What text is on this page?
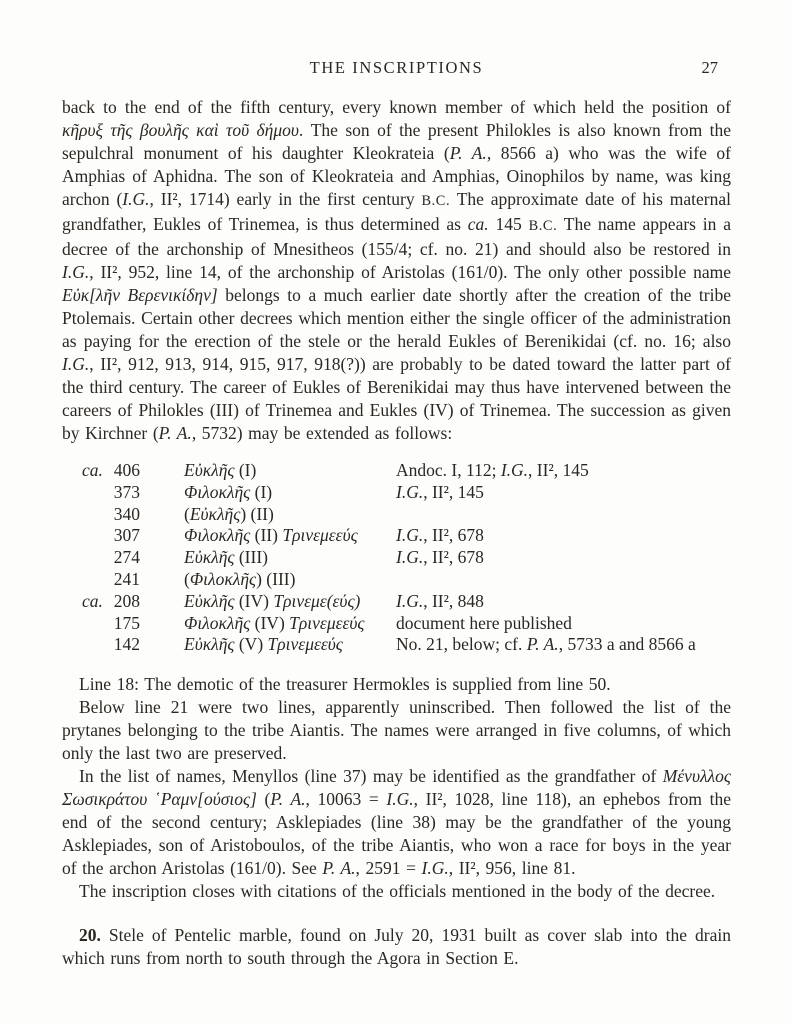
THE INSCRIPTIONS	27

back to the end of the fifth century, every known member of which held the position of κῆρυξ τῆς βουλῆς καὶ τοῦ δήμου. The son of the present Philokles is also known from the sepulchral monument of his daughter Kleokrateia (P. A., 8566 a) who was the wife of Amphias of Aphidna. The son of Kleokrateia and Amphias, Oinophilos by name, was king archon (I.G., II², 1714) early in the first century B.C. The approximate date of his maternal grandfather, Eukles of Trinemea, is thus determined as ca. 145 B.C. The name appears in a decree of the archonship of Mnesitheos (155/4; cf. no. 21) and should also be restored in I.G., II², 952, line 14, of the archonship of Aristolas (161/0). The only other possible name Εὐκ[λῆν Βερενικίδην] belongs to a much earlier date shortly after the creation of the tribe Ptolemais. Certain other decrees which mention either the single officer of the administration as paying for the erection of the stele or the herald Eukles of Berenikidai (cf. no. 16; also I.G., II², 912, 913, 914, 915, 917, 918(?)) are probably to be dated toward the latter part of the third century. The career of Eukles of Berenikidai may thus have intervened between the careers of Philokles (III) of Trinemea and Eukles (IV) of Trinemea. The succession as given by Kirchner (P. A., 5732) may be extended as follows:

ca. 406	Εὐκλῆς (I)	Andoc. I, 112; I.G., II², 145
373	Φιλοκλῆς (I)	I.G., II², 145
340	(Εὐκλῆς) (II)
307	Φιλοκλῆς (II) Τρινεμεεύς	I.G., II², 678
274	Εὐκλῆς (III)	I.G., II², 678
241	(Φιλοκλῆς) (III)
ca. 208	Εὐκλῆς (IV) Τρινεμε(εύς)	I.G., II², 848
175	Φιλοκλῆς (IV) Τρινεμεεύς	document here published
142	Εὐκλῆς (V) Τρινεμεεύς	No. 21, below; cf. P. A., 5733 a and 8566 a

Line 18: The demotic of the treasurer Hermokles is supplied from line 50.

Below line 21 were two lines, apparently uninscribed. Then followed the list of the prytanes belonging to the tribe Aiantis. The names were arranged in five columns, of which only the last two are preserved.

In the list of names, Menyllos (line 37) may be identified as the grandfather of Μένυλλος Σωσικράτου ῾Ραμν[ούσιος] (P. A., 10063 = I.G., II², 1028, line 118), an ephebos from the end of the second century; Asklepiades (line 38) may be the grandfather of the young Asklepiades, son of Aristoboulos, of the tribe Aiantis, who won a race for boys in the year of the archon Aristolas (161/0). See P. A., 2591 = I.G., II², 956, line 81.

The inscription closes with citations of the officials mentioned in the body of the decree.

20. Stele of Pentelic marble, found on July 20, 1931 built as cover slab into the drain which runs from north to south through the Agora in Section E.
